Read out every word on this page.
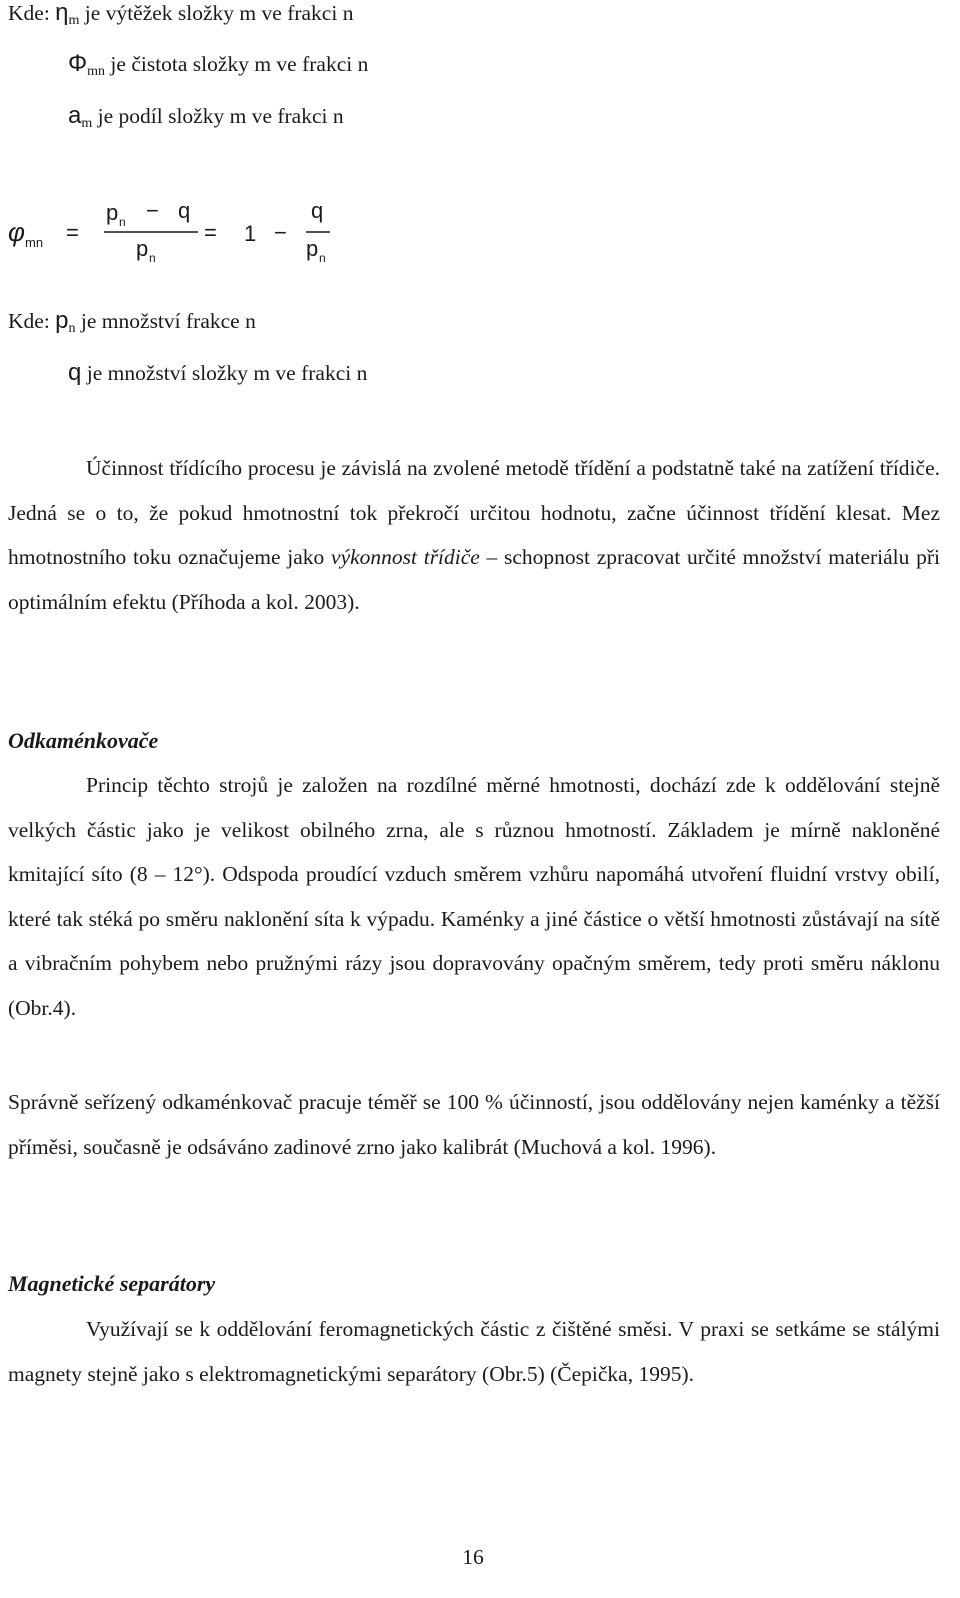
Kde: $\eta_m$ je výtěžek složky m ve frakci n
$\Phi_{mn}$ je čistota složky m ve frakci n
$a_m$ je podíl složky m ve frakci n
φ mn =
p n − q
p n
= 1 −
q
p n
Kde: $p_n$ je množství frakce n
q je množství složky m ve frakci n
Účinnost třídícího procesu je závislá na zvolené metodě třídění a podstatně také na zatížení třídiče. Jedná se o to, že pokud hmotnostní tok překročí určitou hodnotu, začne účinnost třídění klesat. Mez hmotnostního toku označujeme jako výkonnost třídiče – schopnost zpracovat určité množství materiálu při optimálním efektu (Příhoda a kol. 2003).
Odkaménkovače
Princip těchto strojů je založen na rozdílné měrné hmotnosti, dochází zde k oddělování stejně velkých částic jako je velikost obilného zrna, ale s různou hmotností. Základem je mírně nakloněné kmitající síto (8 – 12°). Odspoda proudící vzduch směrem vzhůru napomáhá utvoření fluidní vrstvy obilí, které tak stéká po směru naklonění síta k výpadu. Kaménky a jiné částice o větší hmotnosti zůstávají na sítě a vibračním pohybem nebo pružnými rázy jsou dopravovány opačným směrem, tedy proti směru náklonu (Obr.4).
Správně seřízený odkaménkovač pracuje téměř se 100 % účinností, jsou oddělovány nejen kaménky a těžší příměsi, současně je odsáváno zadinové zrno jako kalibrát (Muchová a kol. 1996).
Magnetické separátory
Využívají se k oddělování feromagnetických částic z čištěné směsi. V praxi se setkáme se stálými magnety stejně jako s elektromagnetickými separátory (Obr.5) (Čepička, 1995).
16
